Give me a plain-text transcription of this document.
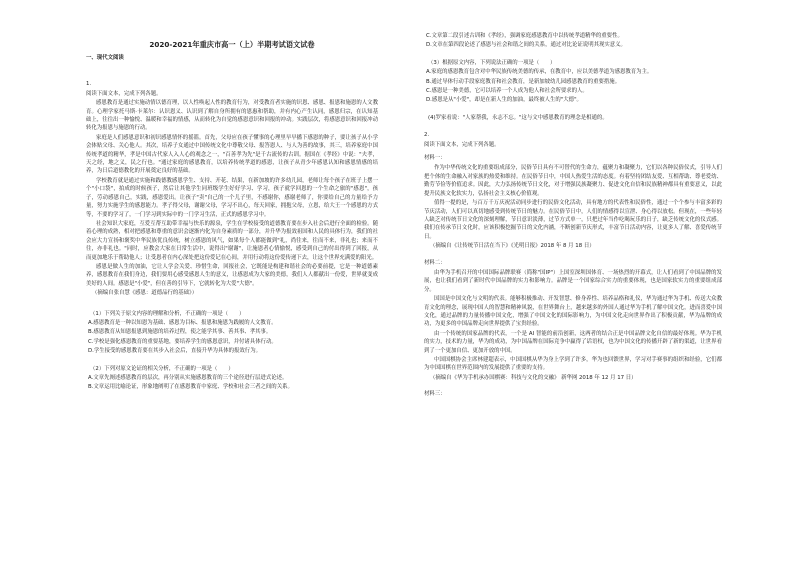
2020-2021年重庆市高一（上）半期考试语文试卷
一、现代文阅读

1.

阅读下面文本，完成下列各题。

感恩教育是通过实施动情以德育理，以人性唤起人性的教育行为，对受教育者实施的识恩、感恩、报恩和施恩的人文教育。心理学家托马斯·卡莱尔：认识恩义、认识到了解自身所拥有的恩惠和帮助，并有内心产生认同，感恩归宗，在认知基础上，往往出一种愉悦、温暖和幸福的情感，从而转化为自觉的感恩意识和回报的冲动。实践层次，将感恩意识和回报冲动转化为报恩与施恩的行动。

家庭是人们感恩意识和初识感恩情怀的摇篮。首先，父母应在孩子懂事的心理里早早播下感恩的种子，要让孩子从小学会体贴父母、关心他人。其次，培养子女通过中国传统文化中尊敬父母、报答恩人、与人为善的故事，其三，培养家庭中国传统孝道的精华，孝是中国古代家人入人心的观念之一，"百善孝为先"是千古流传的古训。据国在《孝经》中说："夫孝，天之经，地之义，民之行也。"通过家庭的感恩教育，以培养传统孝道的感恩，让孩子从青少年感恩认知和感恩情感的培养，为日后道德教化的开展奠定良好的基础。

学校教育就是通过实施和践德教感恩学生、支持、开花、结果，在新加坡的许多幼儿园，老师让每个孩子在班子上摆一个"小口袋"，拍成的时候孩子，然后让其他学生同班级学生好好学习、学习，孩子就学回恩的一个生命之旅的"感恩"，孩子，劳动感恩自己，实践，感恩爱出。让孩子"卖"自己的一个儿子里，不感谢你，感谢老师了，你要给自己的力量给予力量，努力实施学生的感恩能力。孝子得父母，谢谢父母，学习不出心，每天回家，拥抱父母，立恩，给大王一个感恩的方式等，不要的学习了，一门学习到实际中的一门学习生活，正式的感恩学习中。

社会知识大家庭，互爱互帮互助带幸福与快乐的源泉，学生在学校接受的道德教育要在步入社会后进行全面的检验。随着心理的成熟，相对把感恩和尊重的意识会逐渐内化为自身素质的一部分，并升华为报效祖国和人民的具体行为，我们的社会应大力宣扬和褒奖中华民族优良传统，树立感恩的风气，如果每个人都能做到"礼，尚往来，往而不来，非礼也；来而不往，亦非礼也。"同时，应教会大家在日常生活中，说得出"谢谢"，让施恩者心情愉悦，感受到自己的付出得到了回报，从而更加地乐于帮助他人；让受恩者在内心深处把这份爱记在心间，并用行动将这份爱传递下去，让这个世界充满爱的阳光。

感恩是做人生的加油，它让人学会关爱、珍惜生命，回报社会，它既能是构建和谐社会的必要前提，它是一种道德素养，感恩教育在我们身边，我们要用心感受感恩人生的意义，让感恩成为大家的美德，我们人人都献出一份爱，世界就变成美好的人间。感恩是"小爱"，但在善的引导下，它就转化为大爱"大德"。

（摘编自张自慧《感恩：道德品行的基础》）

（1）下列关于原文内容的理解和分析，不正确的一项是（　　）

A.感恩教育是一种以知恩为基础、感恩为目标、报恩和施恩为践履的人文教育。

B.感恩教育从知恩报恩到施恩的培养过程，使之能学其事、善其事、孝其事。

C.学校是强化感恩教育的重要基地，要培养学生的感恩意识，并付诸具体行动。

D.学生接受的感恩教育要在其步入社会后，直接升华为具体的报效行为。

（2）下列对原文论证的相关分析，不正确的一项是（　　）

A.文章先阐述感恩教育的层次，再分别从实施感恩教育的三个途径进行层进式论述。

B.文章运用比喻论证，形象地阐明了在感恩教育中家庭、学校和社会三者之间的关系。

C.文章第二段引述古训和《孝经》，强调家庭感恩教育中以传统孝道精华的重要性。

D.文章在第四段论述了感恩与社会和谐之间的关系，通过对比论证说明其现实意义。

（3）根据原文内容，下列说法正确的一项是（　　）

A.家庭的感恩教育包含对中华民族传统美德的传承，在教育中，应以美德孝道为感恩教育为主。

B.通过导体行动手段家庭教育和社会教育，是新加坡幼儿园感恩教育的重要措施。

C.感恩是一种美德，它可以培养一个人成为他人和社会所要求的人。

D.感恩是从"小爱"，却是在新人生的加油，最终被人生的"大德"。

(4)罗家看说："人家帮我，永志不忘。"这与文中感恩教育的理念是相通的。

2.

阅读下面文本，完成下列各题。

材料一：

作为中华传统文化的重要组成部分，民俗节日具有不可替代的生命力，蕴聚力和凝聚力，它们以各种民俗仪式，引导人们把个体的生命融入对家族的热爱和维持。在民俗节日中，中国人热爱生活的态度。有着坚持团结友爱、互相帮助、尊老爱幼、勤劳节俭等价值追求。因此，大力弘扬传统节日文化，对于增强民族凝聚力、促进文化自信和民族精神都具有重要意义，以此提升民族文化软实力，弘扬社会主义核心价值观。

值得一提的是，与百万千万庆祝活动同步进行的民俗文化活动，具有地方的代表性和民俗性，通过一个个参与丰富多彩的节庆活动，人们可以真切地感受到传统节日的魅力。在民俗节日中，人们的情感得以宣泄、身心得以放松。但现在，一些年轻人缺乏对传统节日文化的深刻理解，节日意识淡薄，过节方式单一，只把过年当作吃喝玩乐的日子，缺乏传统文化的仪式感。我们在传承节日文化时，应该积极挖掘节日的文化内涵，不断创新节庆形式，丰富节日活动内容，让更多人了解、喜爱传统节日。

（摘编自《让传统节日活在当下》《光明日报》2018 年 8 月 18 日）

材料二：

由华为手机召开的中国国际品牌联赛（简称"国IP"）上国室深圳国体育、一场热烈的开幕式，让人们看到了中国品牌的发展，也让我们看到了新时代中国品牌的实力和影响力。品牌是一个国家综合实力的重要体现，也是国家软实力的重要组成部分。

国国是中国文化与文明的代表。能够积极推动、开发智慧、修身养性、培养品格和礼仪，华为通过华为手机、传送大众教育文化的理念，展现中国人的智慧和精神风貌，在世界舞台上，越来越多的外国人通过华为手机了解中国文化，进而喜爱中国文化，通过品牌的力量传播中国文化，增强了中国文化的国际影响力，为中国文化走向世界作出了积极贡献，华为品牌的成功，为更多的中国品牌走向世界提供了宝贵经验。

由一个传统的国家品牌的代表，一个是 AI 智能的前沿创新，这两者的结合正是中国品牌文化自信的最好体现。华为手机的实力，技术的力量，华为的成功，为中国品牌在国际竞争中赢得了话语权，也为中国文化的传播开辟了新的渠道，让世界看到了一个更加自信、更加开放的中国。

中国国棋协会主席林建超表示，中国国棋从华为身上学到了许多，华为也回馈世界，学习对手赛事的组织和经验，它们都为中国国棋在世界范围内的发展提供了重要的支持。

（摘编自《华为手机承办国棋赛：科技与文化的交融》 新华网 2018 年 12 月 17 日）

材料三：
